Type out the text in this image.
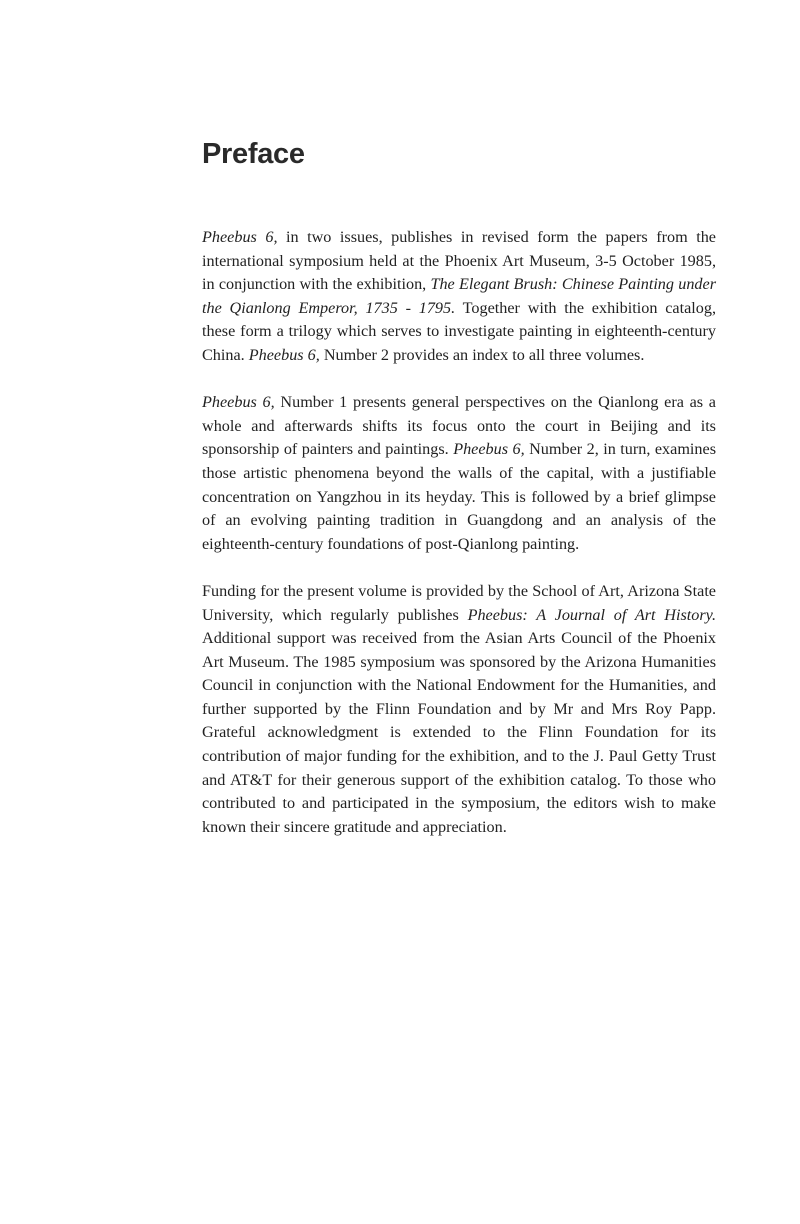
Preface

Pheebus 6, in two issues, publishes in revised form the papers from the international symposium held at the Phoenix Art Museum, 3-5 October 1985, in conjunction with the exhibition, The Elegant Brush: Chinese Painting under the Qianlong Emperor, 1735 - 1795. Together with the exhibition catalog, these form a trilogy which serves to investigate painting in eighteenth-century China. Pheebus 6, Number 2 provides an index to all three volumes.

Pheebus 6, Number 1 presents general perspectives on the Qianlong era as a whole and afterwards shifts its focus onto the court in Beijing and its sponsorship of painters and paintings. Pheebus 6, Number 2, in turn, examines those artistic phenomena beyond the walls of the capital, with a justifiable concentration on Yangzhou in its heyday. This is followed by a brief glimpse of an evolving painting tradition in Guangdong and an analysis of the eighteenth-century foundations of post-Qianlong painting.

Funding for the present volume is provided by the School of Art, Arizona State University, which regularly publishes Pheebus: A Journal of Art History. Additional support was received from the Asian Arts Council of the Phoenix Art Museum. The 1985 symposium was sponsored by the Arizona Humanities Council in conjunction with the National Endowment for the Humanities, and further supported by the Flinn Foundation and by Mr and Mrs Roy Papp. Grateful acknowledgment is extended to the Flinn Foundation for its contribution of major funding for the exhibition, and to the J. Paul Getty Trust and AT&T for their generous support of the exhibition catalog. To those who contributed to and participated in the symposium, the editors wish to make known their sincere gratitude and appreciation.
